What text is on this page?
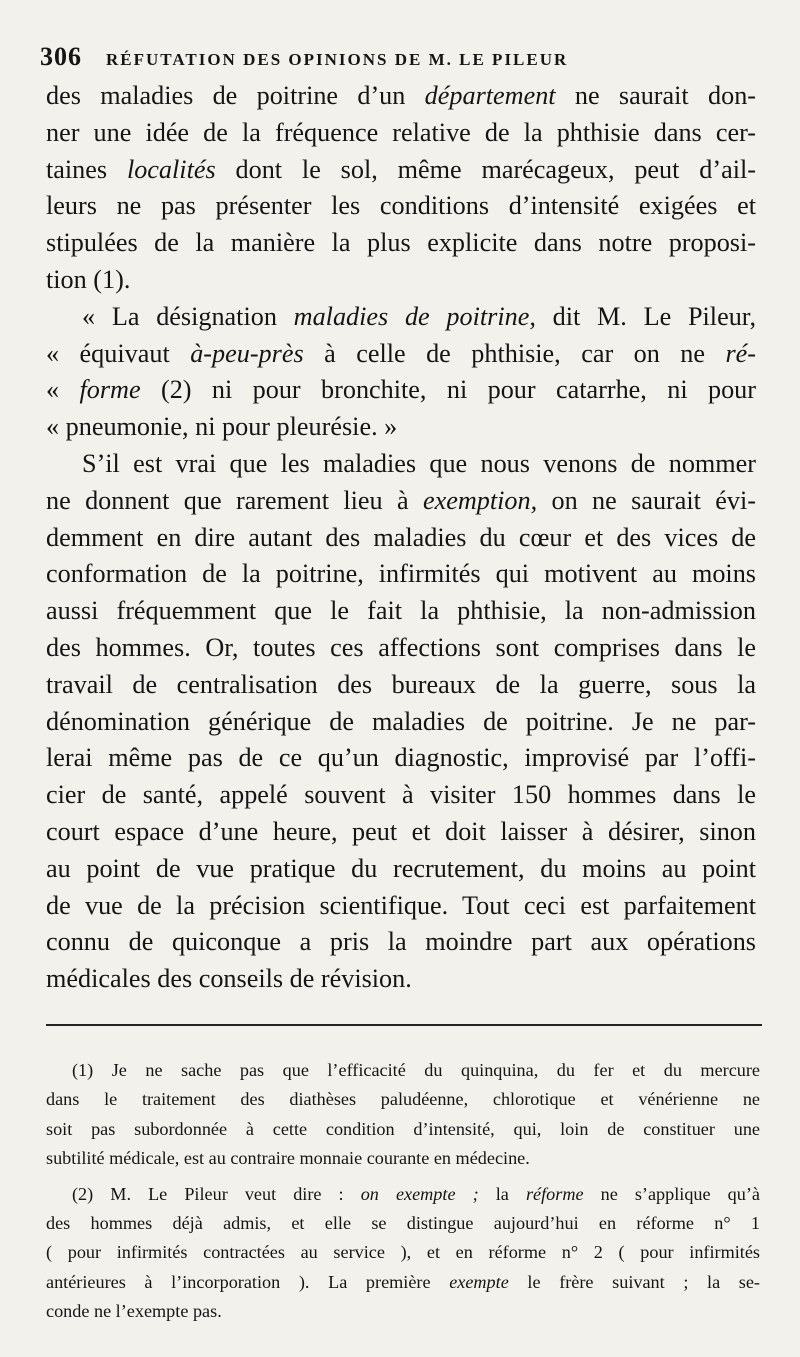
306 RÉFUTATION DES OPINIONS DE M. LE PILEUR
des maladies de poitrine d’un département ne saurait don-
ner une idée de la fréquence relative de la phthisie dans cer-
taines localités dont le sol, même marécageux, peut d’ail-
leurs ne pas présenter les conditions d’intensité exigées et
stipulées de la manière la plus explicite dans notre proposi-
tion (1).
« La désignation maladies de poitrine, dit M. Le Pileur,
« équivaut à-peu-près à celle de phthisie, car on ne ré-
« forme (2) ni pour bronchite, ni pour catarrhe, ni pour
« pneumonie, ni pour pleurésie. »
S’il est vrai que les maladies que nous venons de nommer
ne donnent que rarement lieu à exemption, on ne saurait évi-
demment en dire autant des maladies du cœur et des vices de
conformation de la poitrine, infirmités qui motivent au moins
aussi fréquemment que le fait la phthisie, la non-admission
des hommes. Or, toutes ces affections sont comprises dans le
travail de centralisation des bureaux de la guerre, sous la
dénomination générique de maladies de poitrine. Je ne par-
lerai même pas de ce qu’un diagnostic, improvisé par l’offi-
cier de santé, appelé souvent à visiter 150 hommes dans le
court espace d’une heure, peut et doit laisser à désirer, sinon
au point de vue pratique du recrutement, du moins au point
de vue de la précision scientifique. Tout ceci est parfaitement
connu de quiconque a pris la moindre part aux opérations
médicales des conseils de révision.
(1) Je ne sache pas que l’efficacité du quinquina, du fer et du mercure
dans le traitement des diathèses paludéenne, chlorotique et vénérienne ne
soit pas subordonnée à cette condition d’intensité, qui, loin de constituer une
subtilité médicale, est au contraire monnaie courante en médecine.
(2) M. Le Pileur veut dire : on exempte ; la réforme ne s’applique qu’à
des hommes déjà admis, et elle se distingue aujourd’hui en réforme n° 1
( pour infirmités contractées au service ), et en réforme n° 2 ( pour infirmités
antérieures à l’incorporation ). La première exempte le frère suivant ; la se-
conde ne l’exempte pas.
